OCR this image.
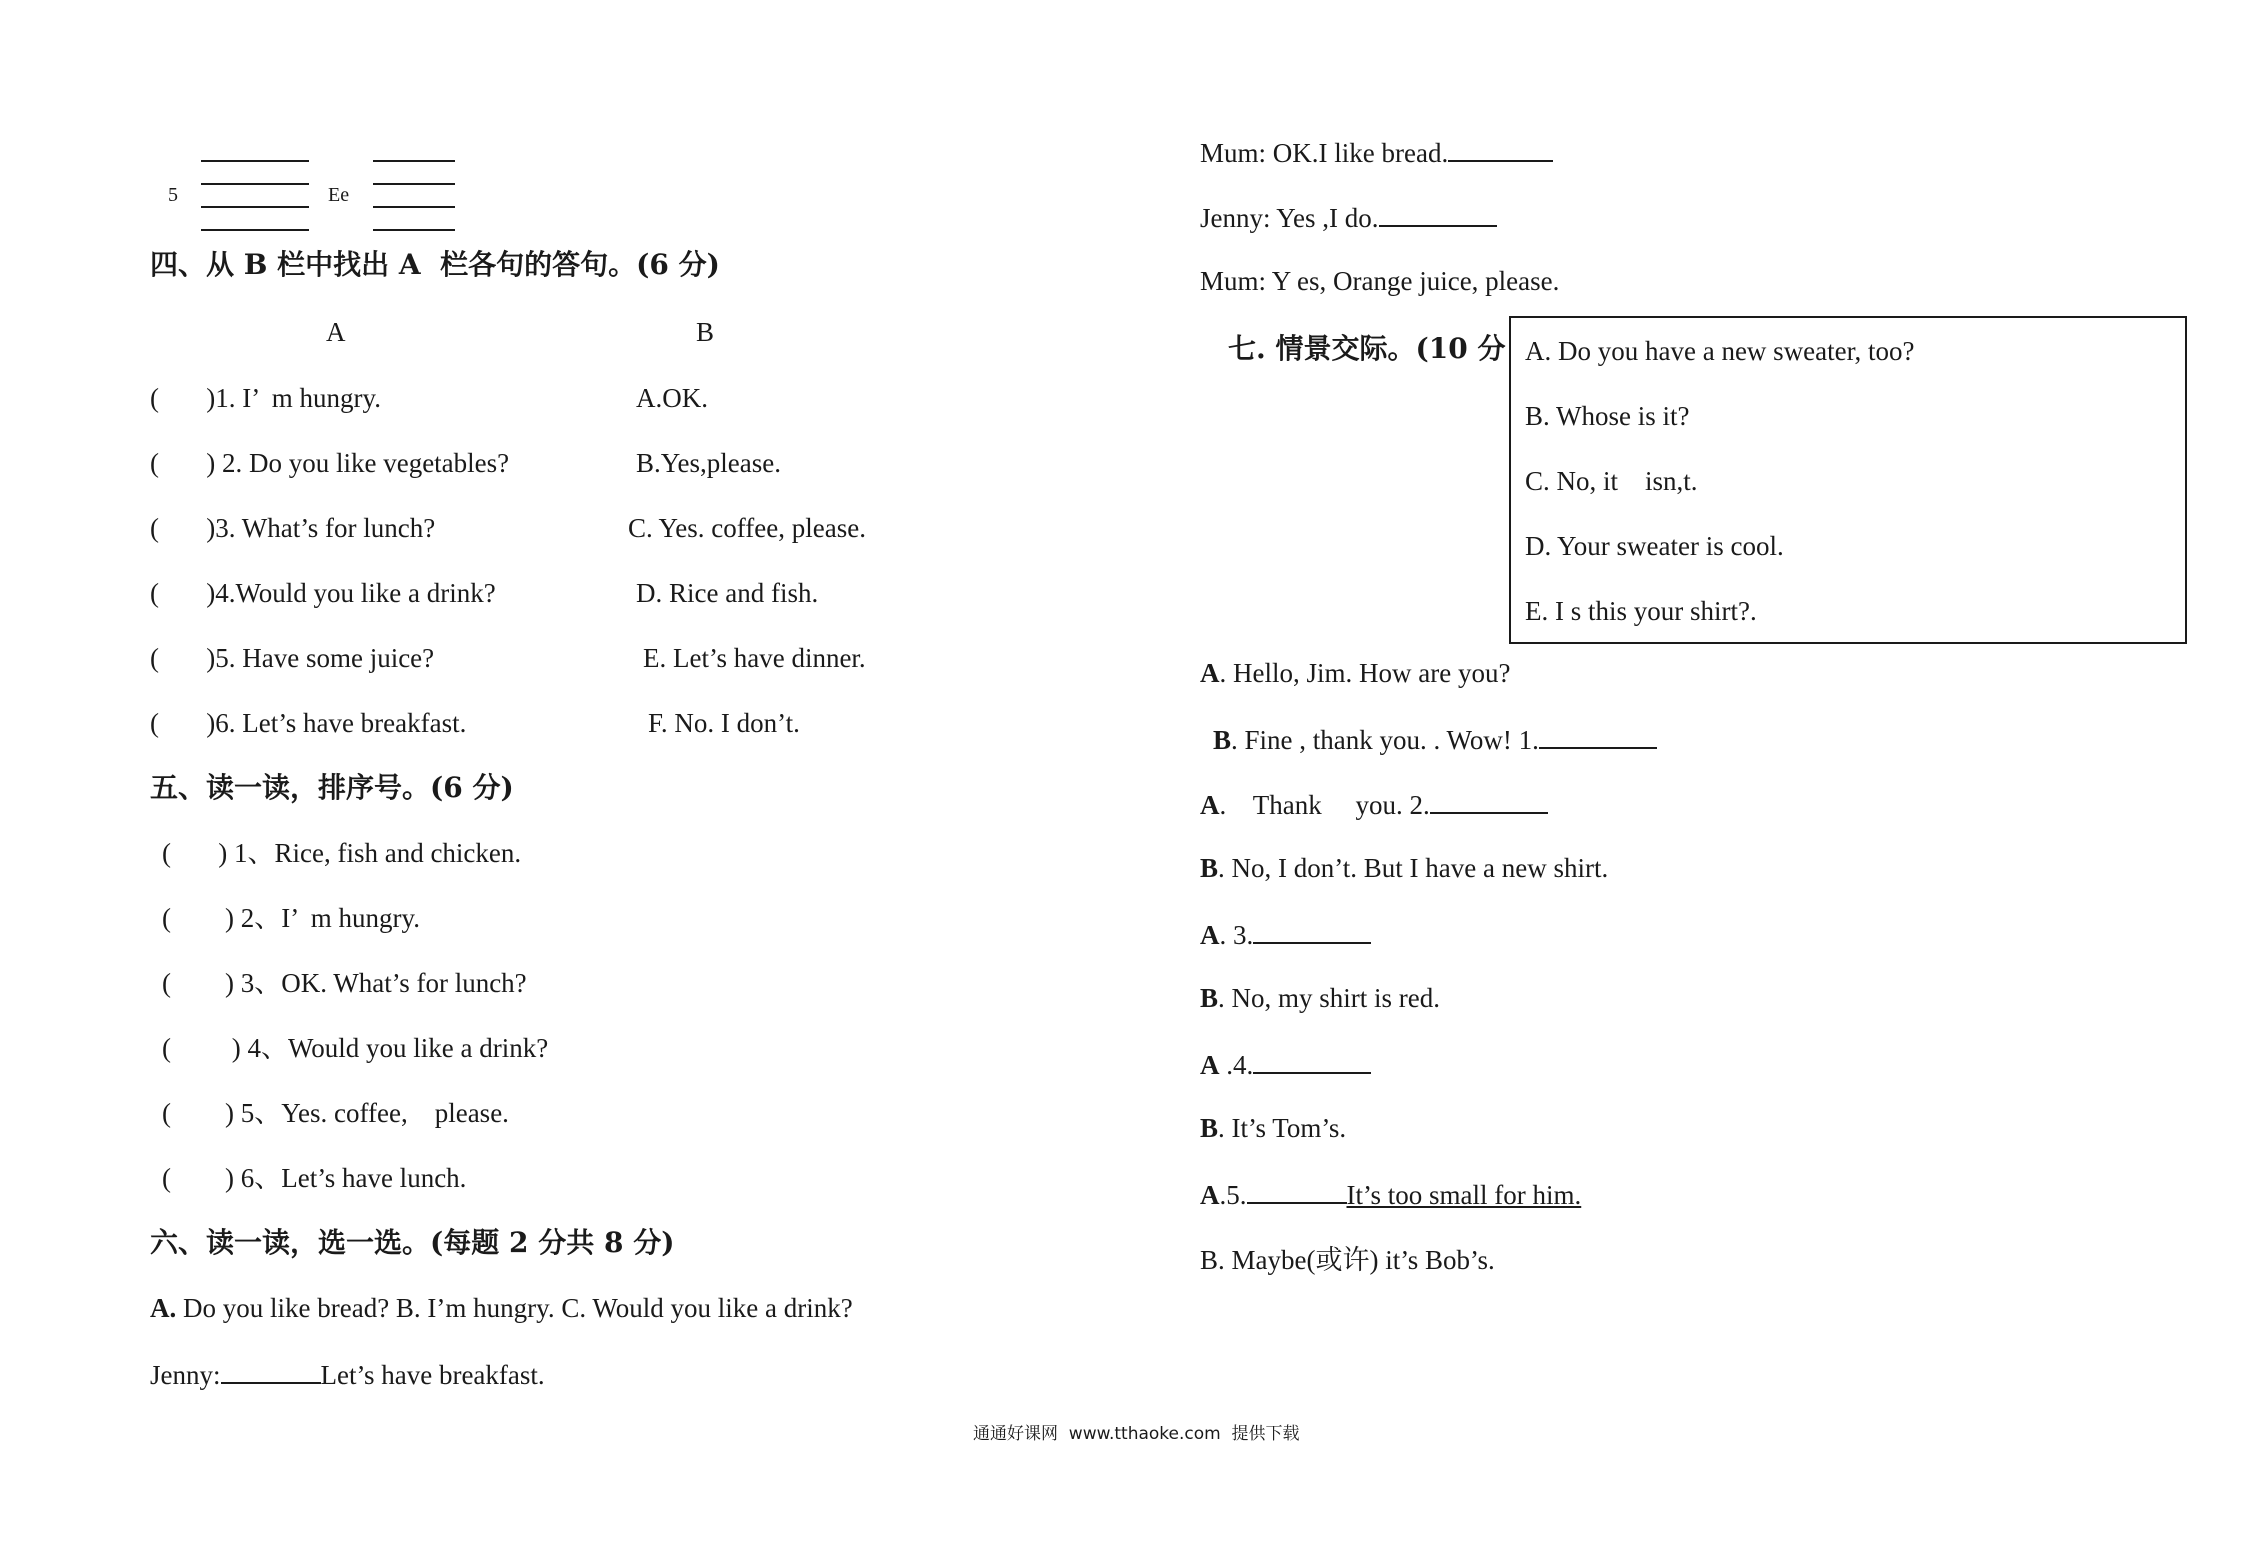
5	Ee
四、从 B 栏中找出 A  栏各句的答句。(6 分)
A	B
(       )1. I’  m hungry.	A.OK.
(       ) 2. Do you like vegetables?	B.Yes,please.
(       )3. What’s for lunch?	C. Yes. coffee, please.
(       )4.Would you like a drink?	D. Rice and fish.
(       )5. Have some juice?	E. Let’s have dinner.
(       )6. Let’s have breakfast.	F. No. I don’t.
五、读一读，排序号。(6 分)
(       ) 1、Rice, fish and chicken.
(        ) 2、I’  m hungry.
(        ) 3、OK. What’s for lunch?
(         ) 4、Would you like a drink?
(        ) 5、Yes. coffee,    please.
(        ) 6、Let’s have lunch.
六、读一读，选一选。(每题 2 分共 8 分)
A. Do you like bread? B. I’m hungry. C. Would you like a drink?
Jenny:	Let’s have breakfast.
Mum: OK.I like bread.
Jenny: Yes ,I do.
Mum: Y es, Orange juice, please.
七. 情景交际。(10 分 A. Do you have a new sweater, too?
B. Whose is it?
C. No, it    isn,t.
D. Your sweater is cool.
E. I s this your shirt?.
A. Hello, Jim. How are you?
B. Fine , thank you. . Wow! 1.
A.    Thank     you. 2.
B. No, I don’t. But I have a new shirt.
A. 3.
B. No, my shirt is red.
A .4.
B. It’s Tom’s.
A.5.	It’s too small for him.
B. Maybe(或许) it’s Bob’s.
通通好课网  www.tthaoke.com  提供下载
